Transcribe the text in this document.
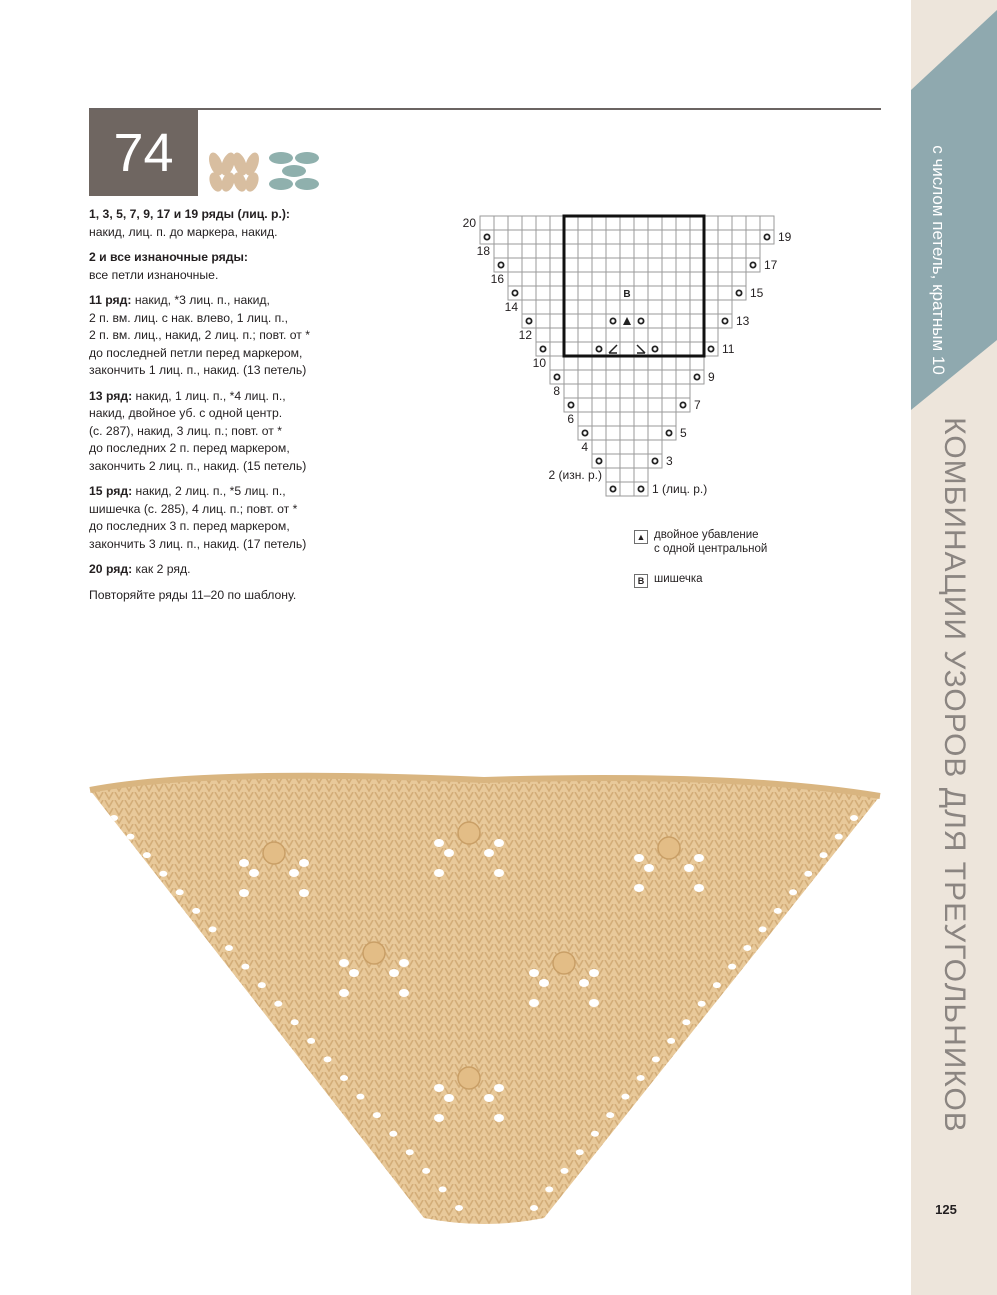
с числом петель, кратным 10
КОМБИНАЦИИ УЗОРОВ ДЛЯ ТРЕУГОЛЬНИКОВ
125
74

1, 3, 5, 7, 9, 17 и 19 ряды (лиц. р.):
накид, лиц. п. до маркера, накид.

2 и все изнаночные ряды:
все петли изнаночные.

11 ряд: накид, *3 лиц. п., накид,
2 п. вм. лиц. с нак. влево, 1 лиц. п.,
2 п. вм. лиц., накид, 2 лиц. п.; повт. от *
до последней петли перед маркером,
закончить 1 лиц. п., накид. (13 петель)

13 ряд: накид, 1 лиц. п., *4 лиц. п.,
накид, двойное уб. с одной центр.
(с. 287), накид, 3 лиц. п.; повт. от *
до последних 2 п. перед маркером,
закончить 2 лиц. п., накид. (15 петель)

15 ряд: накид, 2 лиц. п., *5 лиц. п.,
шишечка (с. 285), 4 лиц. п.; повт. от *
до последних 3 п. перед маркером,
закончить 3 лиц. п., накид. (17 петель)

20 ряд: как 2 ряд.

Повторяйте ряды 11–20 по шаблону.

B
1 (лиц. р.)
3
5
7
9
11
13
15
17
19
2 (изн. р.)
4
6
8
10
12
14
16
18
20
▲ двойное убавление
с одной центральной
B шишечка
